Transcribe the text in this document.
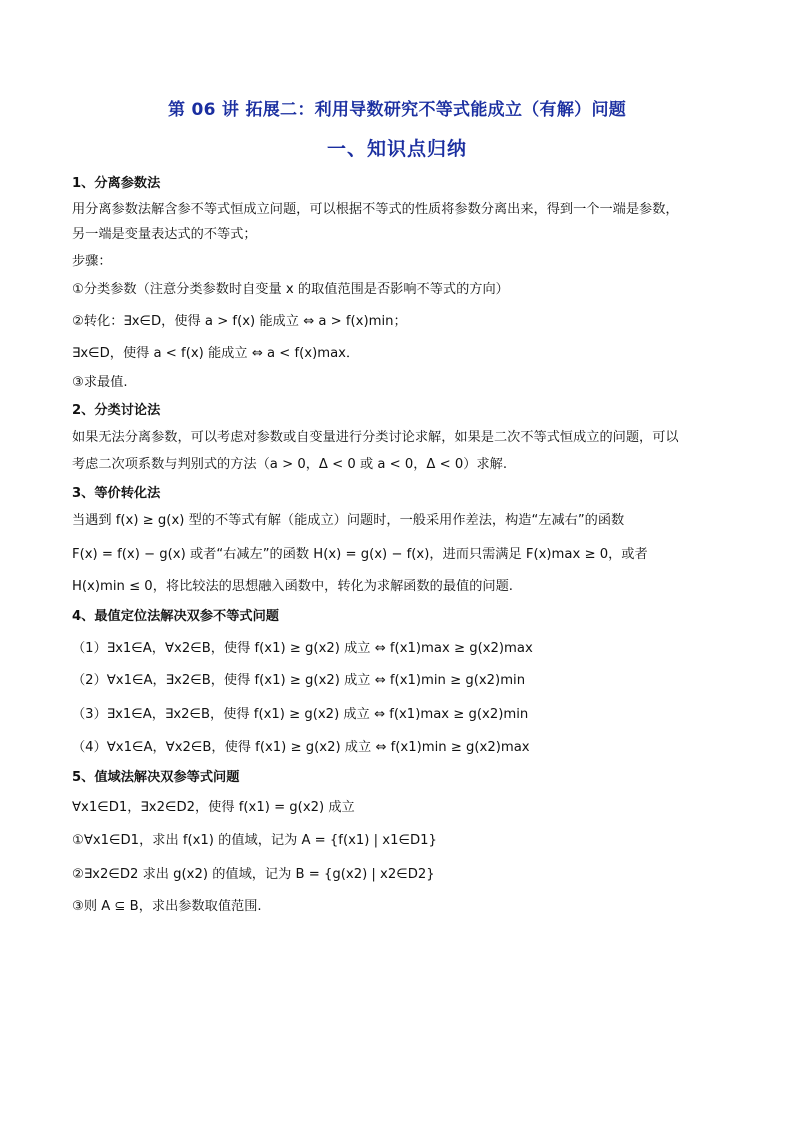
第 06 讲 拓展二：利用导数研究不等式能成立（有解）问题
一、知识点归纳
1、分离参数法
用分离参数法解含参不等式恒成立问题，可以根据不等式的性质将参数分离出来，得到一个一端是参数，
另一端是变量表达式的不等式；
步骤：
①分类参数（注意分类参数时自变量 x 的取值范围是否影响不等式的方向）
②转化：∃x∈D，使得 a > f(x) 能成立 ⇔ a > f(x)min；
∃x∈D，使得 a < f(x) 能成立 ⇔ a < f(x)max．
③求最值.
2、分类讨论法
如果无法分离参数，可以考虑对参数或自变量进行分类讨论求解，如果是二次不等式恒成立的问题，可以
考虑二次项系数与判别式的方法（a > 0，Δ < 0 或 a < 0，Δ < 0）求解.
3、等价转化法
当遇到 f(x) ≥ g(x) 型的不等式有解（能成立）问题时，一般采用作差法，构造“左减右”的函数
F(x) = f(x) − g(x) 或者“右减左”的函数 H(x) = g(x) − f(x)，进而只需满足 F(x)max ≥ 0，或者
H(x)min ≤ 0，将比较法的思想融入函数中，转化为求解函数的最值的问题.
4、最值定位法解决双参不等式问题
（1）∃x1∈A，∀x2∈B，使得 f(x1) ≥ g(x2) 成立 ⇔ f(x1)max ≥ g(x2)max
（2）∀x1∈A，∃x2∈B，使得 f(x1) ≥ g(x2) 成立 ⇔ f(x1)min ≥ g(x2)min
（3）∃x1∈A，∃x2∈B，使得 f(x1) ≥ g(x2) 成立 ⇔ f(x1)max ≥ g(x2)min
（4）∀x1∈A，∀x2∈B，使得 f(x1) ≥ g(x2) 成立 ⇔ f(x1)min ≥ g(x2)max
5、值域法解决双参等式问题
∀x1∈D1，∃x2∈D2，使得 f(x1) = g(x2) 成立
①∀x1∈D1，求出 f(x1) 的值域，记为 A = {f(x1) | x1∈D1}
②∃x2∈D2 求出 g(x2) 的值域，记为 B = {g(x2) | x2∈D2}
③则 A ⊆ B，求出参数取值范围.
